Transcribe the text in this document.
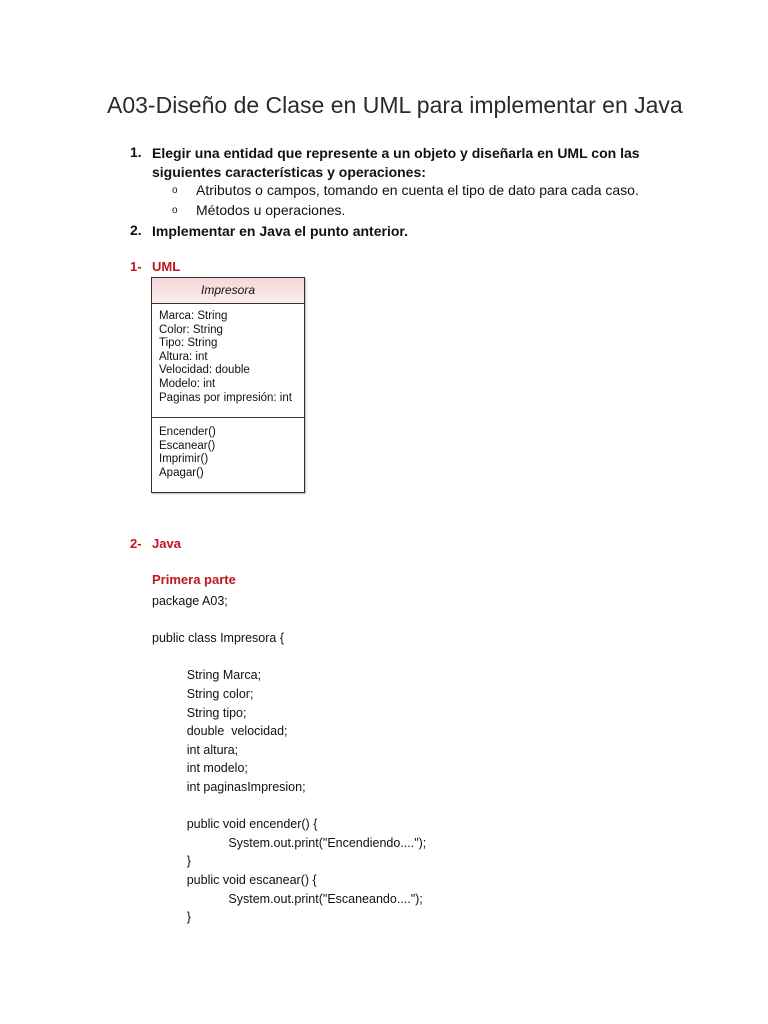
A03-Diseño de Clase en UML para implementar en Java
1. Elegir una entidad que represente a un objeto y diseñarla en UML con las
siguientes características y operaciones:
o Atributos o campos, tomando en cuenta el tipo de dato para cada caso.
o Métodos u operaciones.
2. Implementar en Java el punto anterior.
1- UML
Impresora
Marca: String
Color: String
Tipo: String
Altura: int
Velocidad: double
Modelo: int
Paginas por impresión: int
Encender()
Escanear()
Imprimir()
Apagar()
2- Java
Primera parte
package A03;
public class Impresora {
String Marca;
String color;
String tipo;
double  velocidad;
int altura;
int modelo;
int paginasImpresion;
public void encender() {
System.out.print("Encendiendo....");
}
public void escanear() {
System.out.print("Escaneando....");
}
